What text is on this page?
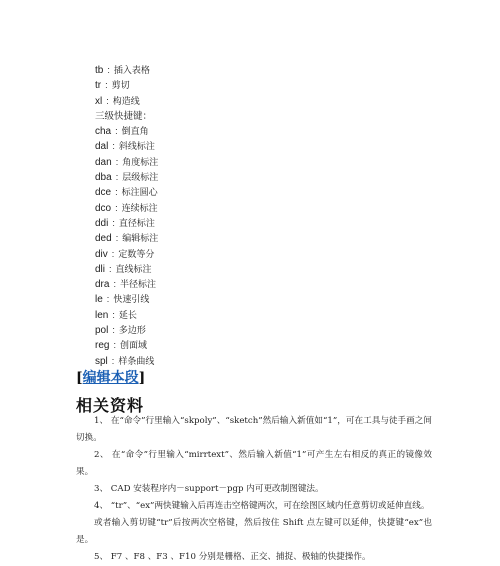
tb : 插入表格
tr : 剪切
xl : 构造线
三级快捷键：
cha : 倒直角
dal : 斜线标注
dan : 角度标注
dba : 层级标注
dce : 标注圆心
dco : 连续标注
ddi : 直径标注
ded : 编辑标注
div : 定数等分
dli : 直线标注
dra : 半径标注
le : 快速引线
len : 延长
pol : 多边形
reg : 创面域
spl : 样条曲线
[编辑本段]
相关资料

1、 在“命令”行里输入“skpoly”、“sketch”然后输入新值如“1”，可在工具与徒手画之间切换。

2、 在“命令”行里输入“mirrtext”、然后输入新值“1”可产生左右相反的真正的镜像效果。

3、 CAD 安装程序内－support－pgp 内可更改制图键法。

4、 “tr”、“ex”两快键输入后再连击空格键两次，可在绘图区域内任意剪切或延伸直线。

或者输入剪切键“tr”后按两次空格键，然后按住 Shift 点左键可以延伸，快捷键“ex”也是。

5、 F7 、F8 、F3 、F10 分别是栅格、正交、捕捉、极轴的快捷操作。
